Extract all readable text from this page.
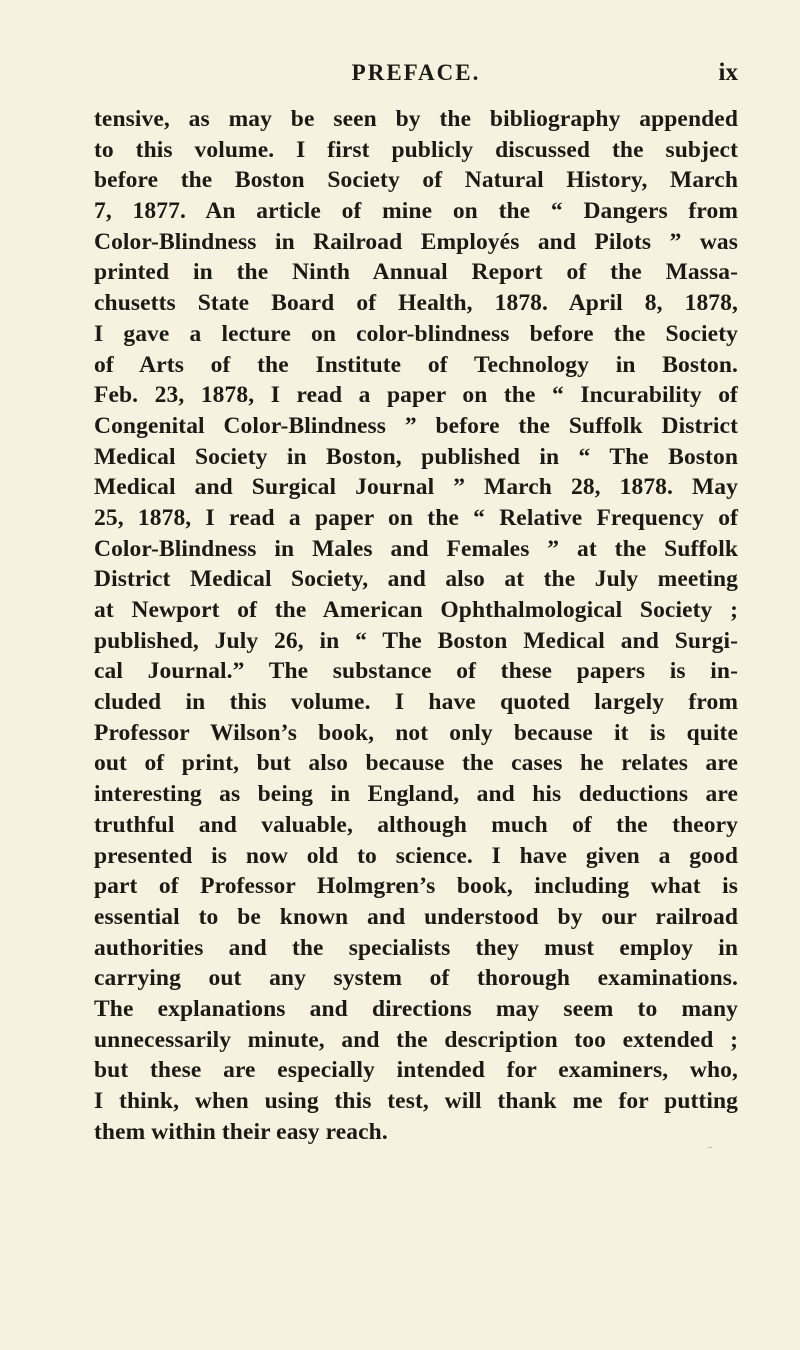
PREFACE.	ix
tensive, as may be seen by the bibliography appended
to this volume. I first publicly discussed the subject
before the Boston Society of Natural History, March
7, 1877. An article of mine on the “ Dangers from
Color-Blindness in Railroad Employés and Pilots ” was
printed in the Ninth Annual Report of the Massa-
chusetts State Board of Health, 1878. April 8, 1878,
I gave a lecture on color-blindness before the Society
of Arts of the Institute of Technology in Boston.
Feb. 23, 1878, I read a paper on the “ Incurability of
Congenital Color-Blindness ” before the Suffolk District
Medical Society in Boston, published in “ The Boston
Medical and Surgical Journal ” March 28, 1878. May
25, 1878, I read a paper on the “ Relative Frequency of
Color-Blindness in Males and Females ” at the Suffolk
District Medical Society, and also at the July meeting
at Newport of the American Ophthalmological Society ;
published, July 26, in “ The Boston Medical and Surgi-
cal Journal.” The substance of these papers is in-
cluded in this volume. I have quoted largely from
Professor Wilson’s book, not only because it is quite
out of print, but also because the cases he relates are
interesting as being in England, and his deductions are
truthful and valuable, although much of the theory
presented is now old to science. I have given a good
part of Professor Holmgren’s book, including what is
essential to be known and understood by our railroad
authorities and the specialists they must employ in
carrying out any system of thorough examinations.
The explanations and directions may seem to many
unnecessarily minute, and the description too extended ;
but these are especially intended for examiners, who,
I think, when using this test, will thank me for putting
them within their easy reach.
–
